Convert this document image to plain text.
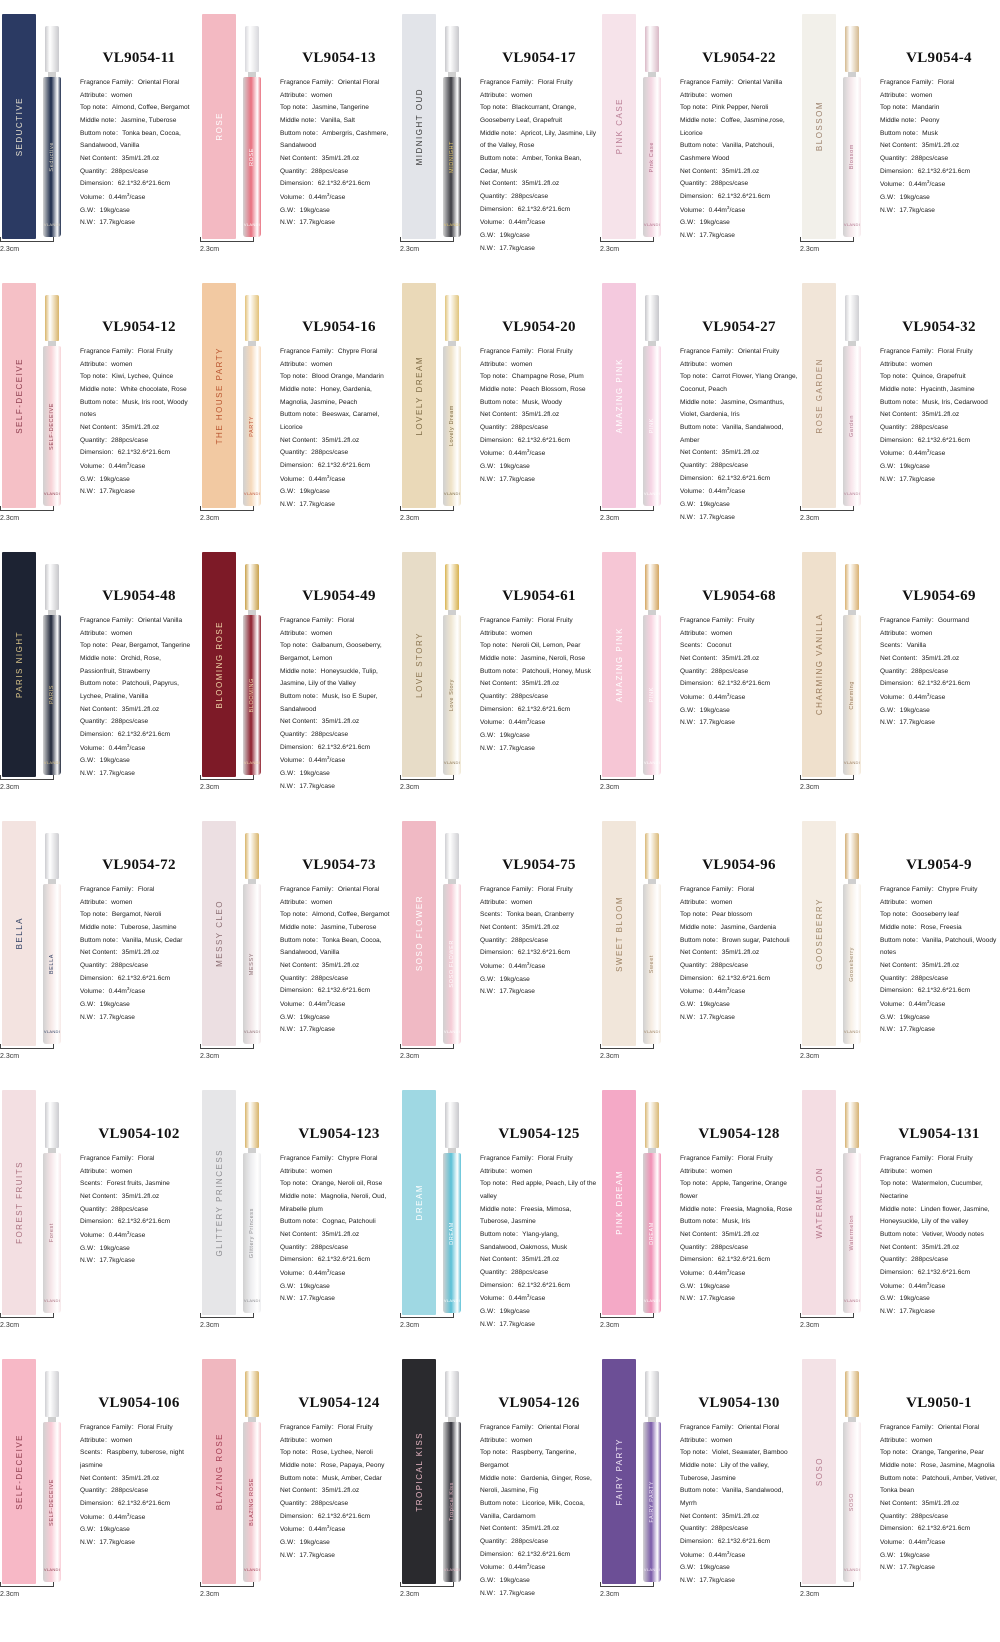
SEDUCTIVE
Seductive
VLANDI
2.3cm
VL9054-11
Fragrance Family：Oriental Floral
Attribute：women
Top note：Almond, Coffee, Bergamot
Middle note：Jasmine, Tuberose
Buttom note：Tonka bean, Cocoa, Sandalwood, Vanilla
Net Content：35ml/1.2fl.oz
Quantity：288pcs/case
Dimension：62.1*32.6*21.6cm
Volume：$0.44m^3$/case
G.W：19kg/case
N.W：17.7kg/case
ROSE
ROSE
VLANDI
2.3cm
VL9054-13
Fragrance Family：Oriental Floral
Attribute：women
Top note：Jasmine, Tangerine
Middle note：Vanilla, Salt
Buttom note：Ambergris, Cashmere, Sandalwood
Net Content：35ml/1.2fl.oz
Quantity：288pcs/case
Dimension：62.1*32.6*21.6cm
Volume：$0.44m^3$/case
G.W：19kg/case
N.W：17.7kg/case
MIDNIGHT OUD	MIDNIGHT
VLANDI
2.3cm
VL9054-17
Fragrance Family：Floral Fruity
Attribute：women
Top note：Blackcurrant, Orange, Gooseberry Leaf, Grapefruit
Middle note：Apricot, Lily, Jasmine, Lily of the Valley, Rose
Buttom note：Amber, Tonka Bean, Cedar, Musk
Net Content：35ml/1.2fl.oz
Quantity：288pcs/case
Dimension：62.1*32.6*21.6cm
Volume：$0.44m^3$/case
G.W：19kg/case
N.W：17.7kg/case
PINK CASE
Pink Case
VLANDI
2.3cm
VL9054-22
Fragrance Family：Oriental Vanilla
Attribute：women
Top note：Pink Pepper, Neroli
Middle note：Coffee, Jasmine,rose, Licorice
Buttom note：Vanilla, Patchouli, Cashmere Wood
Net Content：35ml/1.2fl.oz
Quantity：288pcs/case
Dimension：62.1*32.6*21.6cm
Volume：$0.44m^3$/case
G.W：19kg/case
N.W：17.7kg/case
BLOSSOM
Blossom
VLANDI
2.3cm
VL9054-4
Fragrance Family：Floral
Attribute：women
Top note：Mandarin
Middle note：Peony
Buttom note：Musk
Net Content：35ml/1.2fl.oz
Quantity：288pcs/case
Dimension：62.1*32.6*21.6cm
Volume：$0.44m^3$/case
G.W：19kg/case
N.W：17.7kg/case
SELF-DECEIVE	SELF-DECEIVE
VLANDI
2.3cm
VL9054-12
Fragrance Family：Floral Fruity
Attribute：women
Top note：Kiwi, Lychee, Quince
Middle note：White chocolate, Rose
Buttom note：Musk, Iris root, Woody notes
Net Content：35ml/1.2fl.oz
Quantity：288pcs/case
Dimension：62.1*32.6*21.6cm
Volume：$0.44m^3$/case
G.W：19kg/case
N.W：17.7kg/case
THE HOUSE PARTY	PARTY
VLANDI
2.3cm
VL9054-16
Fragrance Family：Chypre Floral
Attribute：women
Top note：Blood Orange, Mandarin
Middle note：Honey, Gardenia, Magnolia, Jasmine, Peach
Buttom note：Beeswax, Caramel, Licorice
Net Content：35ml/1.2fl.oz
Quantity：288pcs/case
Dimension：62.1*32.6*21.6cm
Volume：$0.44m^3$/case
G.W：19kg/case
N.W：17.7kg/case
LOVELY DREAM	Lovely Dream
VLANDI
2.3cm
VL9054-20
Fragrance Family：Floral Fruity
Attribute：women
Top note：Champagne Rose, Plum
Middle note：Peach Blossom, Rose
Buttom note：Musk, Woody
Net Content：35ml/1.2fl.oz
Quantity：288pcs/case
Dimension：62.1*32.6*21.6cm
Volume：$0.44m^3$/case
G.W：19kg/case
N.W：17.7kg/case
AMAZING PINK	PINK
VLANDI
2.3cm
VL9054-27
Fragrance Family：Oriental Fruity
Attribute：women
Top note：Carrot Flower, Ylang Orange, Coconut, Peach
Middle note：Jasmine, Osmanthus, Violet, Gardenia, Iris
Buttom note：Vanilla, Sandalwood, Amber
Net Content：35ml/1.2fl.oz
Quantity：288pcs/case
Dimension：62.1*32.6*21.6cm
Volume：$0.44m^3$/case
G.W：19kg/case
N.W：17.7kg/case
ROSE GARDEN	Garden
VLANDI
2.3cm
VL9054-32
Fragrance Family：Floral Fruity
Attribute：women
Top note：Quince, Grapefruit
Middle note：Hyacinth, Jasmine
Buttom note：Musk, Iris, Cedarwood
Net Content：35ml/1.2fl.oz
Quantity：288pcs/case
Dimension：62.1*32.6*21.6cm
Volume：$0.44m^3$/case
G.W：19kg/case
N.W：17.7kg/case
PARIS NIGHT	PARIS
VLANDI
2.3cm
VL9054-48
Fragrance Family：Oriental Vanilla
Attribute：women
Top note：Pear, Bergamot, Tangerine
Middle note：Orchid, Rose, Passionfruit, Strawberry
Buttom note：Patchouli, Papyrus, Lychee, Praline, Vanilla
Net Content：35ml/1.2fl.oz
Quantity：288pcs/case
Dimension：62.1*32.6*21.6cm
Volume：$0.44m^3$/case
G.W：19kg/case
N.W：17.7kg/case
BLOOMING ROSE	BLOOMING
VLANDI
2.3cm
VL9054-49
Fragrance Family：Floral
Attribute：women
Top note：Galbanum, Gooseberry, Bergamot, Lemon
Middle note：Honeysuckle, Tulip, Jasmine, Lily of the Valley
Buttom note：Musk, Iso E Super, Sandalwood
Net Content：35ml/1.2fl.oz
Quantity：288pcs/case
Dimension：62.1*32.6*21.6cm
Volume：$0.44m^3$/case
G.W：19kg/case
N.W：17.7kg/case
LOVE STORY	Love Story
VLANDI
2.3cm
VL9054-61
Fragrance Family：Floral Fruity
Attribute：women
Top note：Neroli Oil, Lemon, Pear
Middle note：Jasmine, Neroli, Rose
Buttom note：Patchouli, Honey, Musk
Net Content：35ml/1.2fl.oz
Quantity：288pcs/case
Dimension：62.1*32.6*21.6cm
Volume：$0.44m^3$/case
G.W：19kg/case
N.W：17.7kg/case
AMAZING PINK	PINK
VLANDI
2.3cm
VL9054-68
Fragrance Family：Fruity
Attribute：women
Scents：Coconut
Net Content：35ml/1.2fl.oz
Quantity：288pcs/case
Dimension：62.1*32.6*21.6cm
Volume：$0.44m^3$/case
G.W：19kg/case
N.W：17.7kg/case
CHARMING VANILLA	Charming
VLANDI
2.3cm
VL9054-69
Fragrance Family：Gourmand
Attribute：women
Scents：Vanilla
Net Content：35ml/1.2fl.oz
Quantity：288pcs/case
Dimension：62.1*32.6*21.6cm
Volume：$0.44m^3$/case
G.W：19kg/case
N.W：17.7kg/case
BELLA
BELLA
VLANDI
2.3cm
VL9054-72
Fragrance Family：Floral
Attribute：women
Top note：Bergamot, Neroli
Middle note：Tuberose, Jasmine
Buttom note：Vanilla, Musk, Cedar
Net Content：35ml/1.2fl.oz
Quantity：288pcs/case
Dimension：62.1*32.6*21.6cm
Volume：$0.44m^3$/case
G.W：19kg/case
N.W：17.7kg/case
MESSY CLEO	MESSY
VLANDI
2.3cm
VL9054-73
Fragrance Family：Oriental Floral
Attribute：women
Top note：Almond, Coffee, Bergamot
Middle note：Jasmine, Tuberose
Buttom note：Tonka Bean, Cocoa, Sandalwood, Vanilla
Net Content：35ml/1.2fl.oz
Quantity：288pcs/case
Dimension：62.1*32.6*21.6cm
Volume：$0.44m^3$/case
G.W：19kg/case
N.W：17.7kg/case
SOSO FLOWER	SOSO FLOWER
VLANDI
2.3cm
VL9054-75
Fragrance Family：Floral Fruity
Attribute：women
Scents：Tonka bean, Cranberry
Net Content：35ml/1.2fl.oz
Quantity：288pcs/case
Dimension：62.1*32.6*21.6cm
Volume：$0.44m^3$/case
G.W：19kg/case
N.W：17.7kg/case
SWEET BLOOM	Sweet
VLANDI
2.3cm
VL9054-96
Fragrance Family：Floral
Attribute：women
Top note：Pear blossom
Middle note：Jasmine, Gardenia
Buttom note：Brown sugar, Patchouli
Net Content：35ml/1.2fl.oz
Quantity：288pcs/case
Dimension：62.1*32.6*21.6cm
Volume：$0.44m^3$/case
G.W：19kg/case
N.W：17.7kg/case
GOOSEBERRY	Gooseberry
VLANDI
2.3cm
VL9054-9
Fragrance Family：Chypre Fruity
Attribute：women
Top note：Gooseberry leaf
Middle note：Rose, Freesia
Buttom note：Vanilla, Patchouli, Woody notes
Net Content：35ml/1.2fl.oz
Quantity：288pcs/case
Dimension：62.1*32.6*21.6cm
Volume：$0.44m^3$/case
G.W：19kg/case
N.W：17.7kg/case
FOREST FRUITS	Forest
VLANDI
2.3cm
VL9054-102
Fragrance Family：Floral
Attribute：women
Scents：Forest fruits, Jasmine
Net Content：35ml/1.2fl.oz
Quantity：288pcs/case
Dimension：62.1*32.6*21.6cm
Volume：$0.44m^3$/case
G.W：19kg/case
N.W：17.7kg/case
GLITTERY PRINCESS	Glittery Princess
VLANDI
2.3cm
VL9054-123
Fragrance Family：Chypre Floral
Attribute：women
Top note：Orange, Neroli oil, Rose
Middle note：Magnolia, Neroli, Oud, Mirabelle plum
Buttom note：Cognac, Patchouli
Net Content：35ml/1.2fl.oz
Quantity：288pcs/case
Dimension：62.1*32.6*21.6cm
Volume：$0.44m^3$/case
G.W：19kg/case
N.W：17.7kg/case
DREAM
DREAM
VLANDI
2.3cm
VL9054-125
Fragrance Family：Floral Fruity
Attribute：women
Top note：Red apple, Peach, Lily of the valley
Middle note：Freesia, Mimosa, Tuberose, Jasmine
Buttom note：Ylang-ylang, Sandalwood, Oakmoss, Musk
Net Content：35ml/1.2fl.oz
Quantity：288pcs/case
Dimension：62.1*32.6*21.6cm
Volume：$0.44m^3$/case
G.W：19kg/case
N.W：17.7kg/case
PINK DREAM	DREAM
VLANDI
2.3cm
VL9054-128
Fragrance Family：Floral Fruity
Attribute：women
Top note：Apple, Tangerine, Orange flower
Middle note：Freesia, Magnolia, Rose
Buttom note：Musk, Iris
Net Content：35ml/1.2fl.oz
Quantity：288pcs/case
Dimension：62.1*32.6*21.6cm
Volume：$0.44m^3$/case
G.W：19kg/case
N.W：17.7kg/case
WATERMELON	Watermelon
VLANDI
2.3cm
VL9054-131
Fragrance Family：Floral Fruity
Attribute：women
Top note：Watermelon, Cucumber, Nectarine
Middle note：Linden flower, Jasmine, Honeysuckle, Lily of the valley
Buttom note：Vetiver, Woody notes
Net Content：35ml/1.2fl.oz
Quantity：288pcs/case
Dimension：62.1*32.6*21.6cm
Volume：$0.44m^3$/case
G.W：19kg/case
N.W：17.7kg/case
SELF-DECEIVE	SELF-DECEIVE
VLANDI
2.3cm
VL9054-106
Fragrance Family：Floral Fruity
Attribute：women
Scents：Raspberry, tuberose, night jasmine
Net Content：35ml/1.2fl.oz
Quantity：288pcs/case
Dimension：62.1*32.6*21.6cm
Volume：$0.44m^3$/case
G.W：19kg/case
N.W：17.7kg/case
BLAZING ROSE	BLAZING ROSE
VLANDI
2.3cm
VL9054-124
Fragrance Family：Floral Fruity
Attribute：women
Top note：Rose, Lychee, Neroli
Middle note：Rose, Papaya, Peony
Buttom note：Musk, Amber, Cedar
Net Content：35ml/1.2fl.oz
Quantity：288pcs/case
Dimension：62.1*32.6*21.6cm
Volume：$0.44m^3$/case
G.W：19kg/case
N.W：17.7kg/case
TROPICAL KISS	Tropical Kiss
VLANDI
2.3cm
VL9054-126
Fragrance Family：Oriental Floral
Attribute：women
Top note：Raspberry, Tangerine, Bergamot
Middle note：Gardenia, Ginger, Rose, Neroli, Jasmine, Fig
Buttom note：Licorice, Milk, Cocoa, Vanilla, Cardamom
Net Content：35ml/1.2fl.oz
Quantity：288pcs/case
Dimension：62.1*32.6*21.6cm
Volume：$0.44m^3$/case
G.W：19kg/case
N.W：17.7kg/case
FAIRY PARTY	FAIRY PARTY
VLANDI
2.3cm
VL9054-130
Fragrance Family：Oriental Floral
Attribute：women
Top note：Violet, Seawater, Bamboo
Middle note：Lily of the valley, Tuberose, Jasmine
Buttom note：Vanilla, Sandalwood, Myrrh
Net Content：35ml/1.2fl.oz
Quantity：288pcs/case
Dimension：62.1*32.6*21.6cm
Volume：$0.44m^3$/case
G.W：19kg/case
N.W：17.7kg/case
SOSO
SOSO
VLANDI
2.3cm
VL9050-1
Fragrance Family：Oriental Floral
Attribute：women
Top note：Orange, Tangerine, Pear
Middle note：Rose, Jasmine, Magnolia
Buttom note：Patchouli, Amber, Vetiver, Tonka bean
Net Content：35ml/1.2fl.oz
Quantity：288pcs/case
Dimension：62.1*32.6*21.6cm
Volume：$0.44m^3$/case
G.W：19kg/case
N.W：17.7kg/case
